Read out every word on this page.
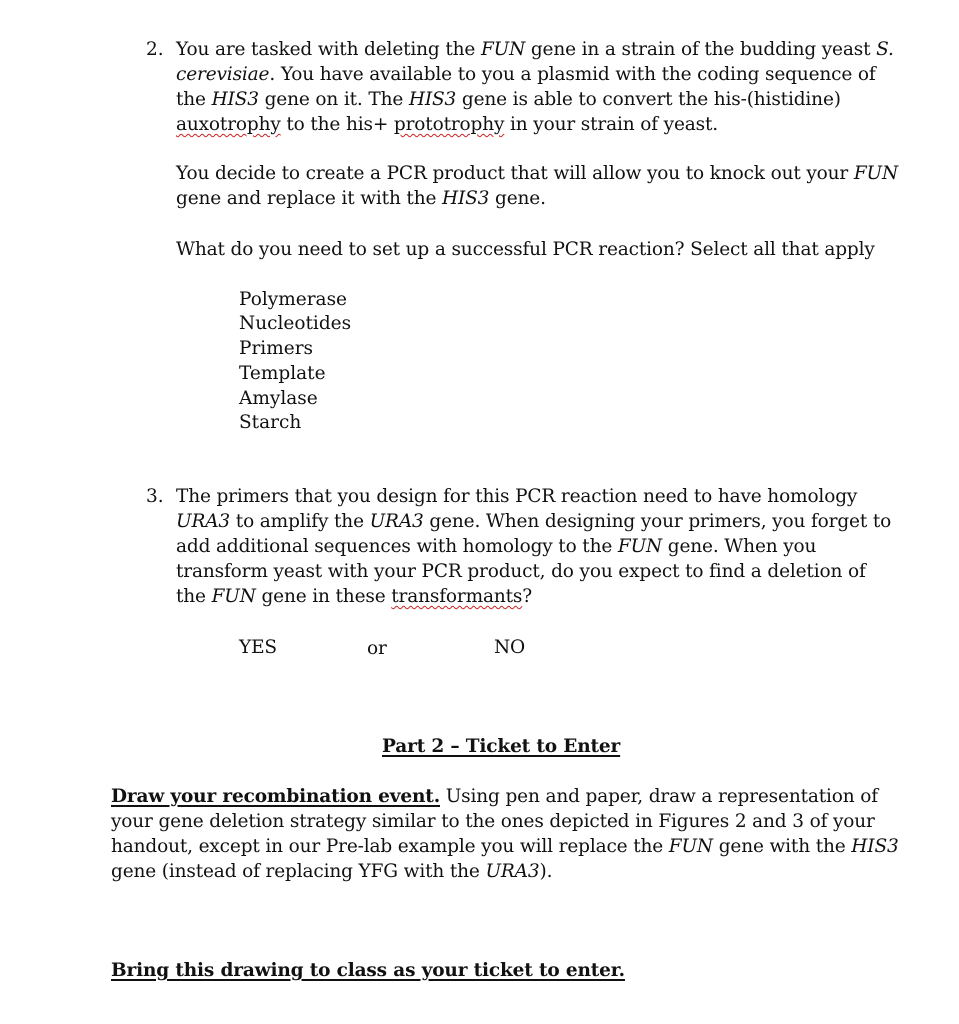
2. You are tasked with deleting the FUN gene in a strain of the budding yeast S.
cerevisiae. You have available to you a plasmid with the coding sequence of
the HIS3 gene on it. The HIS3 gene is able to convert the his-(histidine)
auxotrophy to the his+ prototrophy in your strain of yeast.
You decide to create a PCR product that will allow you to knock out your FUN
gene and replace it with the HIS3 gene.
What do you need to set up a successful PCR reaction? Select all that apply
Polymerase
Nucleotides
Primers
Template
Amylase
Starch
3. The primers that you design for this PCR reaction need to have homology
URA3 to amplify the URA3 gene. When designing your primers, you forget to
add additional sequences with homology to the FUN gene. When you
transform yeast with your PCR product, do you expect to find a deletion of
the FUN gene in these transformants?
YES	or	NO
Part 2 – Ticket to Enter
Draw your recombination event. Using pen and paper, draw a representation of
your gene deletion strategy similar to the ones depicted in Figures 2 and 3 of your
handout, except in our Pre-lab example you will replace the FUN gene with the HIS3
gene (instead of replacing YFG with the URA3).
Bring this drawing to class as your ticket to enter.
